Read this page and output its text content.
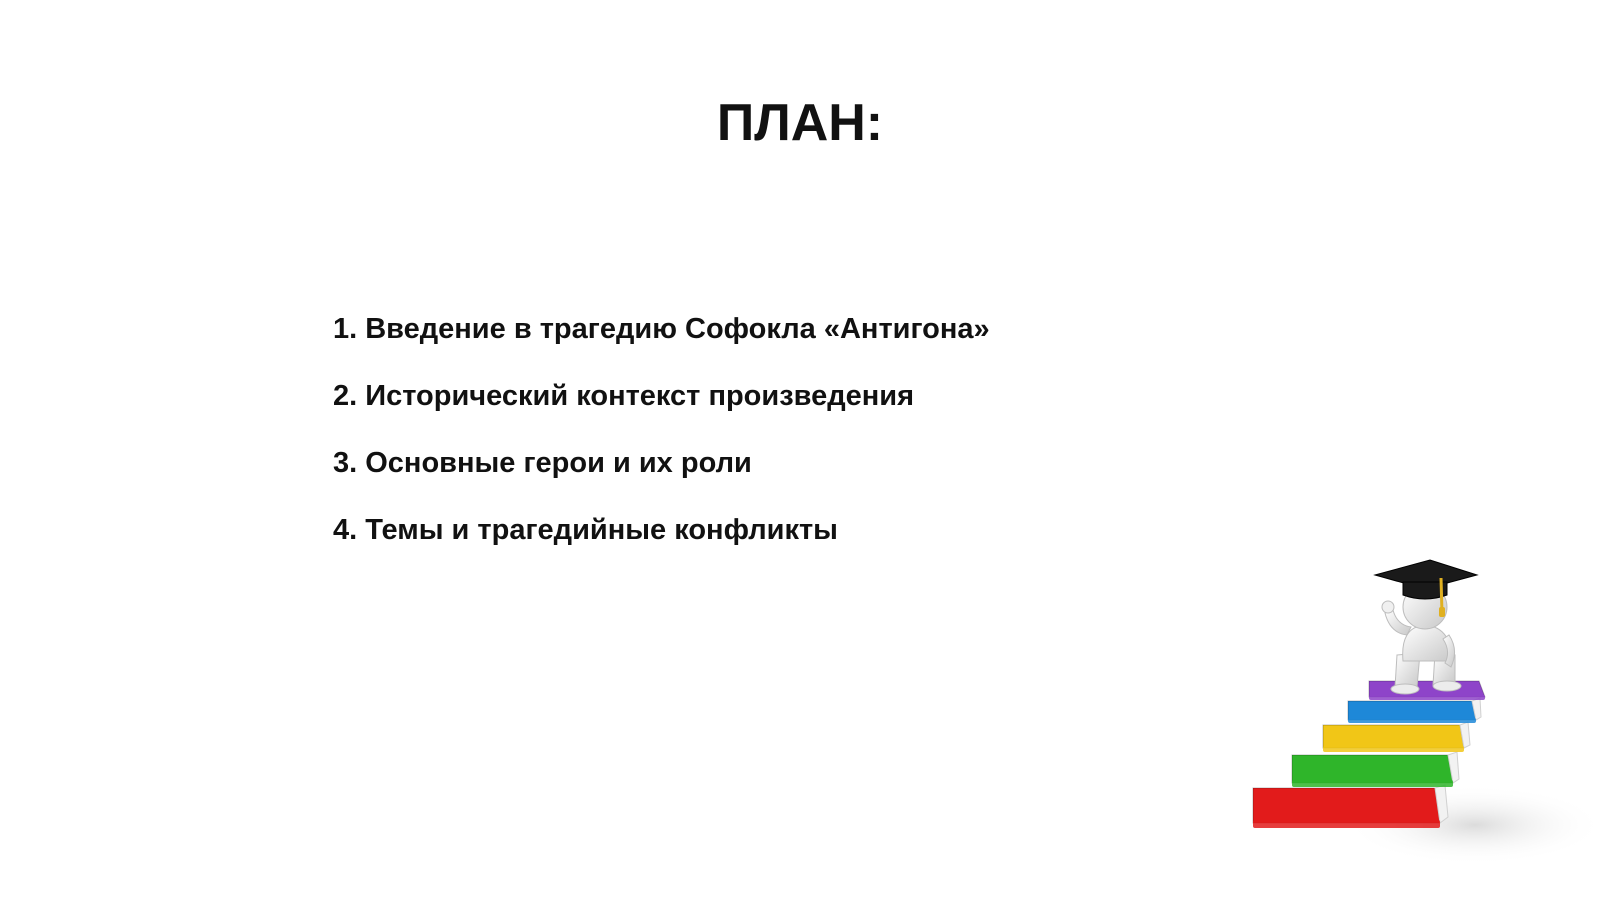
ПЛАН:
1. Введение в трагедию Софокла «Антигона»
2. Исторический контекст произведения
3. Основные герои и их роли
4. Темы и трагедийные конфликты
